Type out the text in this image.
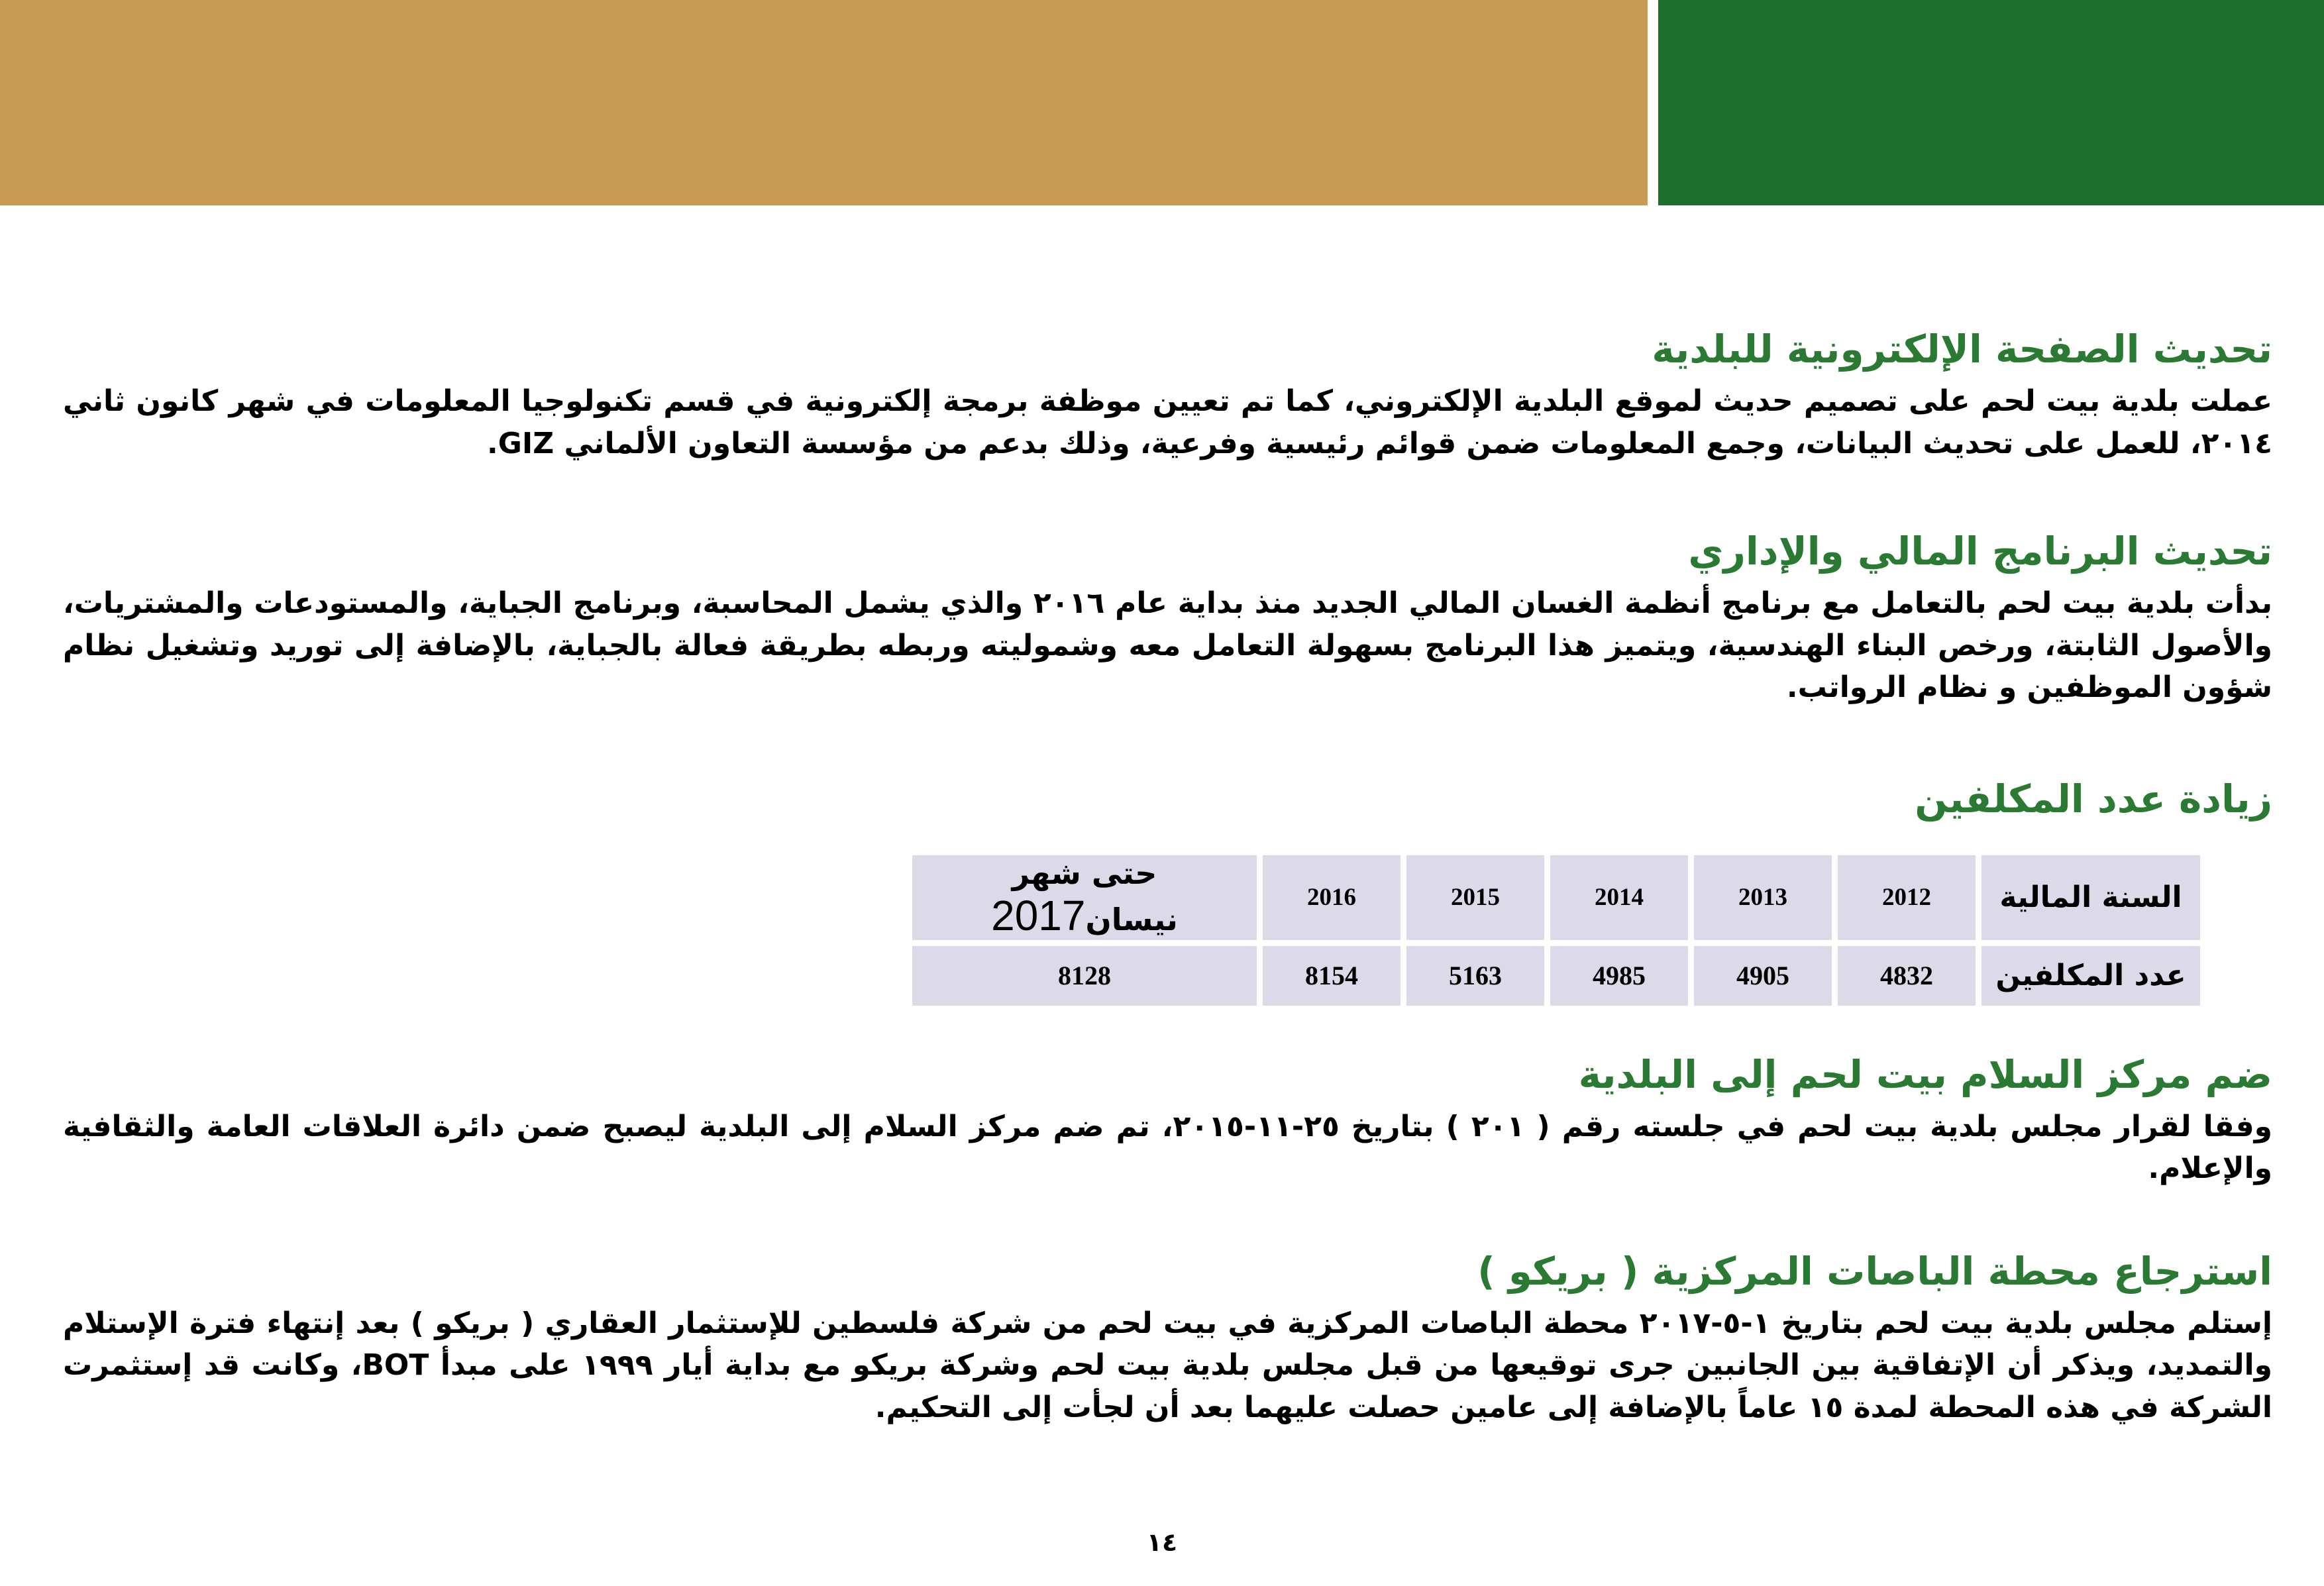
تحديث الصفحة الإلكترونية للبلدية

عملت بلدية بيت لحم على تصميم حديث لموقع البلدية الإلكتروني، كما تم تعيين موظفة برمجة إلكترونية في قسم تكنولوجيا المعلومات في شهر كانون ثاني ٢٠١٤، للعمل على تحديث البيانات، وجمع المعلومات ضمن قوائم رئيسية وفرعية، وذلك بدعم من مؤسسة التعاون الألماني GIZ.

تحديث البرنامج المالي والإداري

بدأت بلدية بيت لحم بالتعامل مع برنامج أنظمة الغسان المالي الجديد منذ بداية عام ٢٠١٦ والذي يشمل المحاسبة، وبرنامج الجباية، والمستودعات والمشتريات، والأصول الثابتة، ورخص البناء الهندسية، ويتميز هذا البرنامج بسهولة التعامل معه وشموليته وربطه بطريقة فعالة بالجباية، بالإضافة إلى توريد وتشغيل نظام شؤون الموظفين و نظام الرواتب.

زيادة عدد المكلفين
السنة المالية	2012	2013	2014	2015	2016	حتى شهر نيسان2017
عدد المكلفين	4832	4905	4985	5163	8154	8128
ضم مركز السلام بيت لحم إلى البلدية

وفقا لقرار مجلس بلدية بيت لحم في جلسته رقم ( ٢٠١ ) بتاريخ ٢٥-١١-٢٠١٥، تم ضم مركز السلام إلى البلدية ليصبح ضمن دائرة العلاقات العامة والثقافية والإعلام.

استرجاع محطة الباصات المركزية ( بريكو )

إستلم مجلس بلدية بيت لحم بتاريخ ١-٥-٢٠١٧ محطة الباصات المركزية في بيت لحم من شركة فلسطين للإستثمار العقاري ( بريكو ) بعد إنتهاء فترة الإستلام والتمديد، ويذكر أن الإتفاقية بين الجانبين جرى توقيعها من قبل مجلس بلدية بيت لحم وشركة بريكو مع بداية أيار ١٩٩٩ على مبدأ BOT، وكانت قد إستثمرت الشركة في هذه المحطة لمدة ١٥ عاماً بالإضافة إلى عامين حصلت عليهما بعد أن لجأت إلى التحكيم.

١٤
